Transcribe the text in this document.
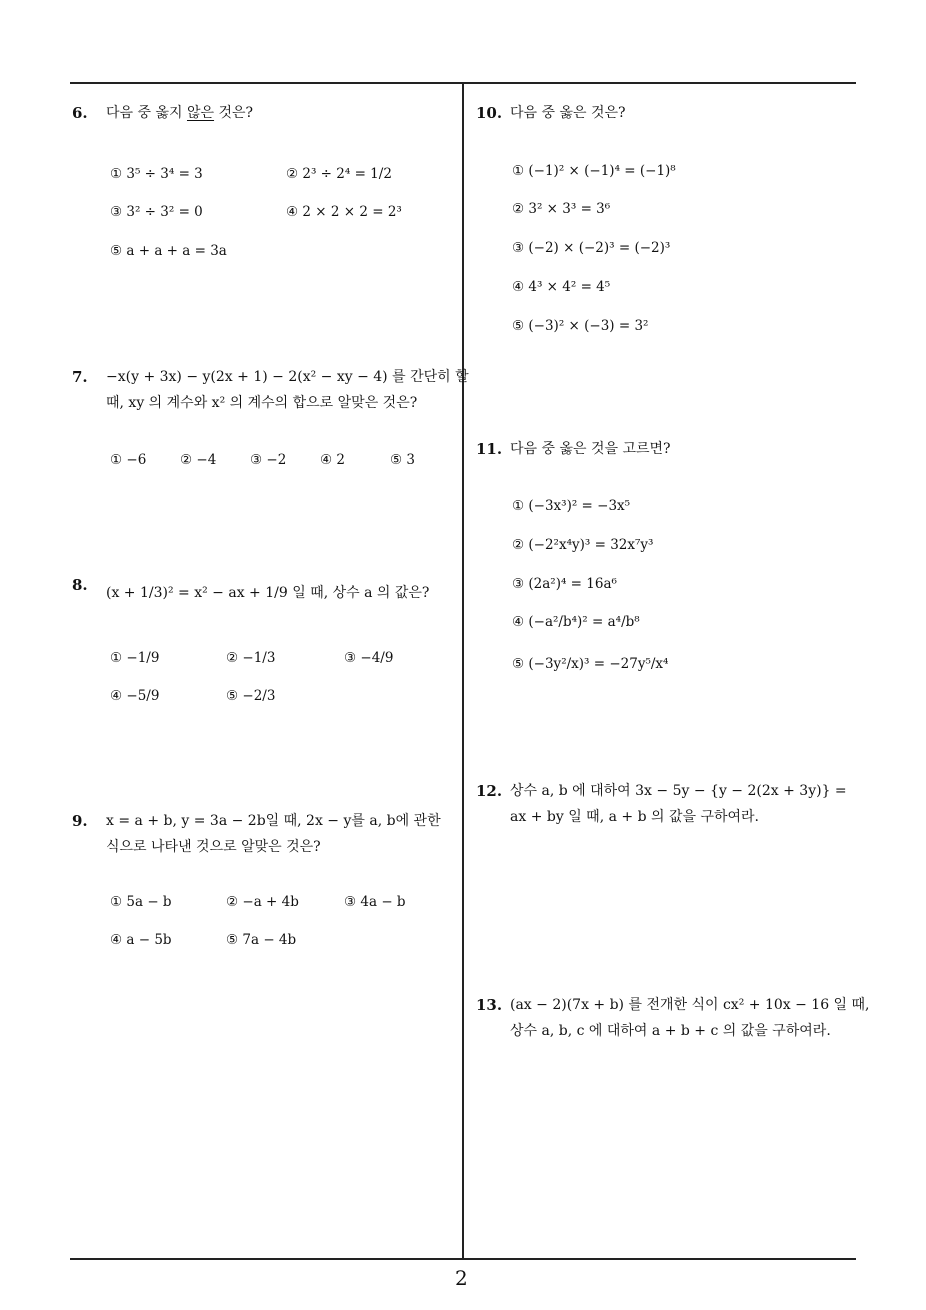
6. 다음 중 옳지 않은 것은?
① 3⁵ ÷ 3⁴ = 3	② 2³ ÷ 2⁴ = 1/2
③ 3² ÷ 3² = 0	④ 2 × 2 × 2 = 2³
⑤ a + a + a = 3a
7. −x(y + 3x) − y(2x + 1) − 2(x² − xy − 4) 를 간단히 할
때, xy 의 계수와 x² 의 계수의 합으로 알맞은 것은?
① −6 ② −4 ③ −2 ④ 2	⑤ 3
8. (x + 1/3)² = x² − ax + 1/9 일 때, 상수 a 의 값은?
① −1/9	② −1/3	③ −4/9
④ −5/9	⑤ −2/3
9. x = a + b, y = 3a − 2b일 때, 2x − y를 a, b에 관한
식으로 나타낸 것으로 알맞은 것은?
① 5a − b	② −a + 4b	③ 4a − b
④ a − 5b	⑤ 7a − 4b
10. 다음 중 옳은 것은?
① (−1)² × (−1)⁴ = (−1)⁸
② 3² × 3³ = 3⁶
③ (−2) × (−2)³ = (−2)³
④ 4³ × 4² = 4⁵
⑤ (−3)² × (−3) = 3²
11. 다음 중 옳은 것을 고르면?
① (−3x³)² = −3x⁵
② (−2²x⁴y)³ = 32x⁷y³
③ (2a²)⁴ = 16a⁶
④ (−a²/b⁴)² = a⁴/b⁸
⑤ (−3y²/x)³ = −27y⁵/x⁴
12. 상수 a, b 에 대하여 3x − 5y − {y − 2(2x + 3y)} =
ax + by 일 때, a + b 의 값을 구하여라.
13. (ax − 2)(7x + b) 를 전개한 식이 cx² + 10x − 16 일 때,
상수 a, b, c 에 대하여 a + b + c 의 값을 구하여라.
2
